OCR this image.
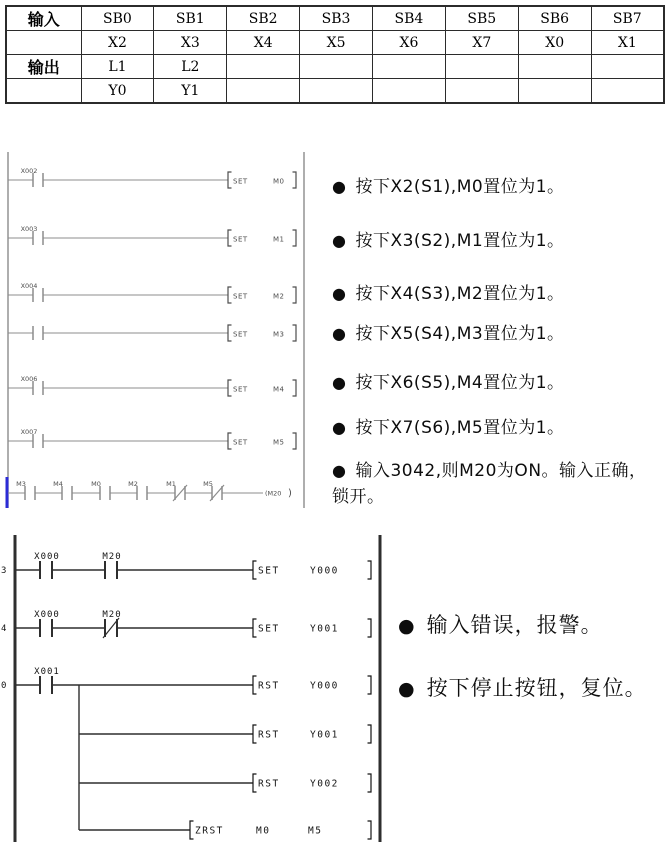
输入	SB0	SB1	SB2	SB3	SB4	SB5	SB6	SB7
	X2	X3	X4	X5	X6	X7	X0	X1
输出	L1	L2						
	Y0	Y1						
X002
SET	M0
X003
SET	M1
X004
SET	M2
SET	M3
X006
SET	M4
X007
SET	M5
M3	M4	M0	M2	M1	M5
(M20 )
● 按下X2(S1),M0置位为1。
● 按下X3(S2),M1置位为1。
● 按下X4(S3),M2置位为1。
● 按下X5(S4),M3置位为1。
● 按下X6(S5),M4置位为1。
● 按下X7(S6),M5置位为1。
● 输入3042,则M20为ON。输入正确，锁开。
3
X000	M20
SET	Y000
4
X000	M20
SET	Y001
0
X001
RST	Y000
RST	Y001
RST	Y002
ZRST	M0	M5
● 输入错误，报警。
● 按下停止按钮，复位。
